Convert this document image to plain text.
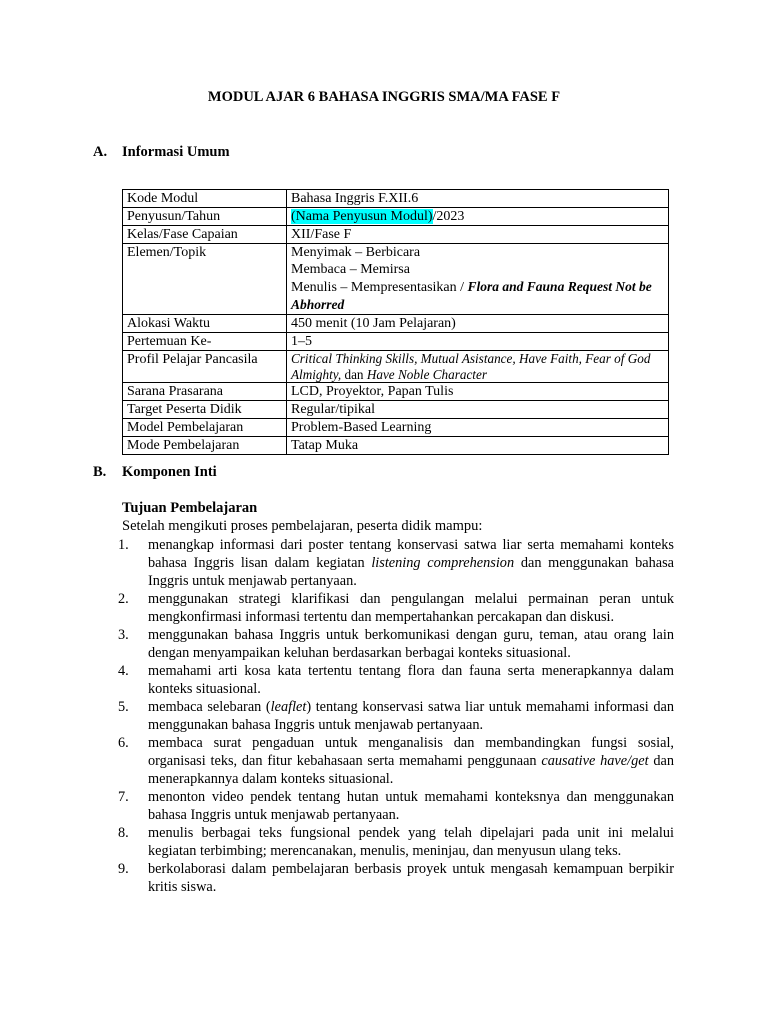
MODUL AJAR 6 BAHASA INGGRIS SMA/MA FASE F
A. Informasi Umum
Kode Modul	Bahasa Inggris F.XII.6
Penyusun/Tahun	(Nama Penyusun Modul)/2023
Kelas/Fase Capaian	XII/Fase F
Elemen/Topik	Menyimak – Berbicara
Membaca – Memirsa
Menulis – Mempresentasikan / Flora and Fauna Request Not be Abhorred

Alokasi Waktu	450 menit (10 Jam Pelajaran)
Pertemuan Ke-	1–5
Profil Pelajar Pancasila	Critical Thinking Skills, Mutual Asistance, Have Faith, Fear of God Almighty, dan Have Noble Character
Sarana Prasarana	LCD, Proyektor, Papan Tulis
Target Peserta Didik	Regular/tipikal
Model Pembelajaran	Problem-Based Learning
Mode Pembelajaran	Tatap Muka
B. Komponen Inti
Tujuan Pembelajaran
Setelah mengikuti proses pembelajaran, peserta didik mampu:
1. menangkap informasi dari poster tentang konservasi satwa liar serta memahami konteks bahasa Inggris lisan dalam kegiatan listening comprehension dan menggunakan bahasa Inggris untuk menjawab pertanyaan.
2. menggunakan strategi klarifikasi dan pengulangan melalui permainan peran untuk mengkonfirmasi informasi tertentu dan mempertahankan percakapan dan diskusi.
3. menggunakan bahasa Inggris untuk berkomunikasi dengan guru, teman, atau orang lain dengan menyampaikan keluhan berdasarkan berbagai konteks situasional.
4. memahami arti kosa kata tertentu tentang flora dan fauna serta menerapkannya dalam konteks situasional.
5. membaca selebaran (leaflet) tentang konservasi satwa liar untuk memahami informasi dan menggunakan bahasa Inggris untuk menjawab pertanyaan.
6. membaca surat pengaduan untuk menganalisis dan membandingkan fungsi sosial, organisasi teks, dan fitur kebahasaan serta memahami penggunaan causative have/get dan menerapkannya dalam konteks situasional.
7. menonton video pendek tentang hutan untuk memahami konteksnya dan menggunakan bahasa Inggris untuk menjawab pertanyaan.
8. menulis berbagai teks fungsional pendek yang telah dipelajari pada unit ini melalui kegiatan terbimbing; merencanakan, menulis, meninjau, dan menyusun ulang teks.
9. berkolaborasi dalam pembelajaran berbasis proyek untuk mengasah kemampuan berpikir kritis siswa.
